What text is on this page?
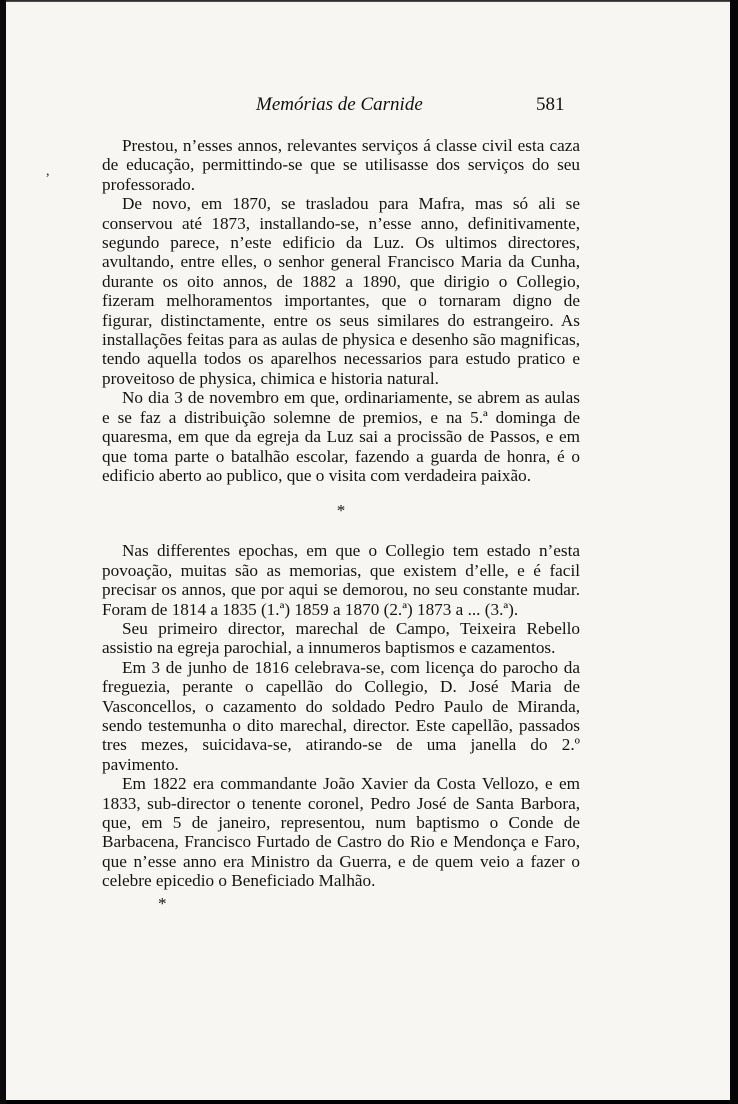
Memórias de Carnide	581
,

Prestou, n’esses annos, relevantes serviços á classe civil esta caza de educação, permittindo-se que se utilisasse dos serviços do seu professorado.

De novo, em 1870, se trasladou para Mafra, mas só ali se conservou até 1873, installando-se, n’esse anno, definitivamente, segundo parece, n’este edificio da Luz. Os ultimos directores, avultando, entre elles, o senhor general Francisco Maria da Cunha, durante os oito annos, de 1882 a 1890, que dirigio o Collegio, fizeram melhoramentos importantes, que o tornaram digno de figurar, distinctamente, entre os seus similares do estrangeiro. As installações feitas para as aulas de physica e desenho são magnificas, tendo aquella todos os aparelhos necessarios para estudo pratico e proveitoso de physica, chimica e historia natural.

No dia 3 de novembro em que, ordinariamente, se abrem as aulas e se faz a distribuição solemne de premios, e na 5.ª dominga de quaresma, em que da egreja da Luz sai a procissão de Passos, e em que toma parte o batalhão escolar, fazendo a guarda de honra, é o edificio aberto ao publico, que o visita com verdadeira paixão.

*

Nas differentes epochas, em que o Collegio tem estado n’esta povoação, muitas são as memorias, que existem d’elle, e é facil precisar os annos, que por aqui se demorou, no seu constante mudar. Foram de 1814 a 1835 (1.ª) 1859 a 1870 (2.ª) 1873 a ... (3.ª).

Seu primeiro director, marechal de Campo, Teixeira Rebello assistio na egreja parochial, a innumeros baptismos e cazamentos.

Em 3 de junho de 1816 celebrava-se, com licença do parocho da freguezia, perante o capellão do Collegio, D. José Maria de Vasconcellos, o cazamento do soldado Pedro Paulo de Miranda, sendo testemunha o dito marechal, director. Este capellão, passados tres mezes, suicidava-se, atirando-se de uma janella do 2.º pavimento.

Em 1822 era commandante João Xavier da Costa Vellozo, e em 1833, sub-director o tenente coronel, Pedro José de Santa Barbora, que, em 5 de janeiro, representou, num baptismo o Conde de Barbacena, Francisco Furtado de Castro do Rio e Mendonça e Faro, que n’esse anno era Ministro da Guerra, e de quem veio a fazer o celebre epicedio o Beneficiado Malhão.

*
